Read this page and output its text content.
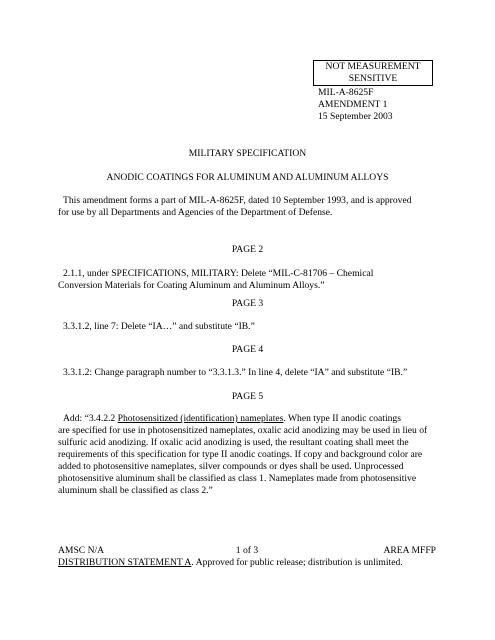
NOT MEASUREMENT
SENSITIVE
MIL-A-8625F
AMENDMENT 1
15 September 2003
MILITARY SPECIFICATION
ANODIC COATINGS FOR ALUMINUM AND ALUMINUM ALLOYS
This amendment forms a part of MIL-A-8625F, dated 10 September 1993, and is approved
for use by all Departments and Agencies of the Department of Defense.
PAGE 2
2.1.1, under SPECIFICATIONS, MILITARY: Delete “MIL-C-81706 – Chemical
Conversion Materials for Coating Aluminum and Aluminum Alloys.”
PAGE 3
3.3.1.2, line 7: Delete “IA…” and substitute “IB.”
PAGE 4
3.3.1.2: Change paragraph number to “3.3.1.3.” In line 4, delete “IA” and substitute “IB.”
PAGE 5
Add: “3.4.2.2 Photosensitized (identification) nameplates. When type II anodic coatings
are specified for use in photosensitized nameplates, oxalic acid anodizing may be used in lieu of
sulfuric acid anodizing. If oxalic acid anodizing is used, the resultant coating shall meet the
requirements of this specification for type II anodic coatings. If copy and background color are
added to photosensitive nameplates, silver compounds or dyes shall be used. Unprocessed
photosensitive aluminum shall be classified as class 1. Nameplates made from photosensitive
aluminum shall be classified as class 2.”
AMSC N/A	1 of 3	AREA MFFP
DISTRIBUTION STATEMENT A. Approved for public release; distribution is unlimited.
